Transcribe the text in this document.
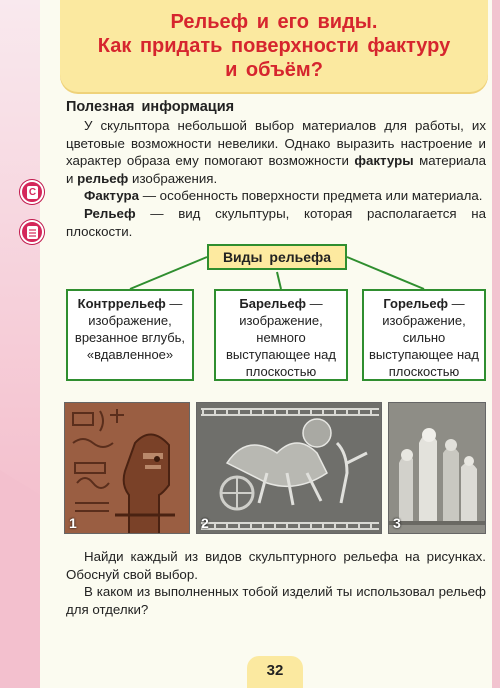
Рельеф и его виды.
Как придать поверхности фактуру
и объём?
Полезная информация

У скульптора небольшой выбор материалов для работы, их цветовые возможности невелики. Однако выразить настроение и характер образа ему помогают возможности фактуры материала и рельеф изображения.

Фактура — особенность поверхности предмета или материала.

Рельеф — вид скульптуры, которая располагается на плоскости.

С
Виды рельефа
Контррельеф — изображение, врезанное вглубь, «вдавленное»
Барельеф — изображение, немного выступающее над плоскостью
Горельеф — изображение, сильно выступающее над плоскостью
1	2	3

Найди каждый из видов скульптурного рельефа на рисунках. Обоснуй свой выбор.

В каком из выполненных тобой изделий ты использовал рельеф для отделки?

32
